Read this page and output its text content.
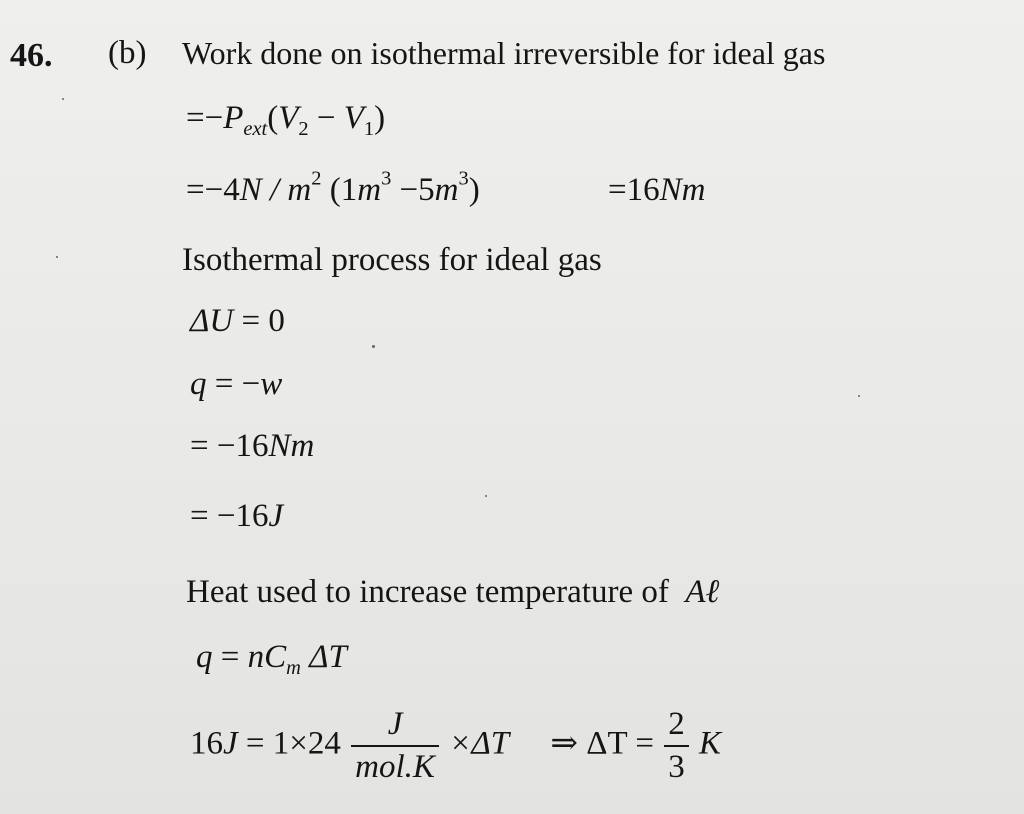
46. (b) Work done on isothermal irreversible for ideal gas
$=-P_{ext}(V_2 - V_1)$
$=-4N / m^2$ $(1m^3 -5m^3)$	=16Nm
Isothermal process for ideal gas
ΔU = 0
q = −w
= −16Nm
= −16J
Heat used to increase temperature of Aℓ
$q = nC_m$ ΔT
$16J = 1\times 24 \frac{J}{\text{mol.K}} \times\Delta T$ ⇒ $\Delta T = \frac{2}{3}$ K
